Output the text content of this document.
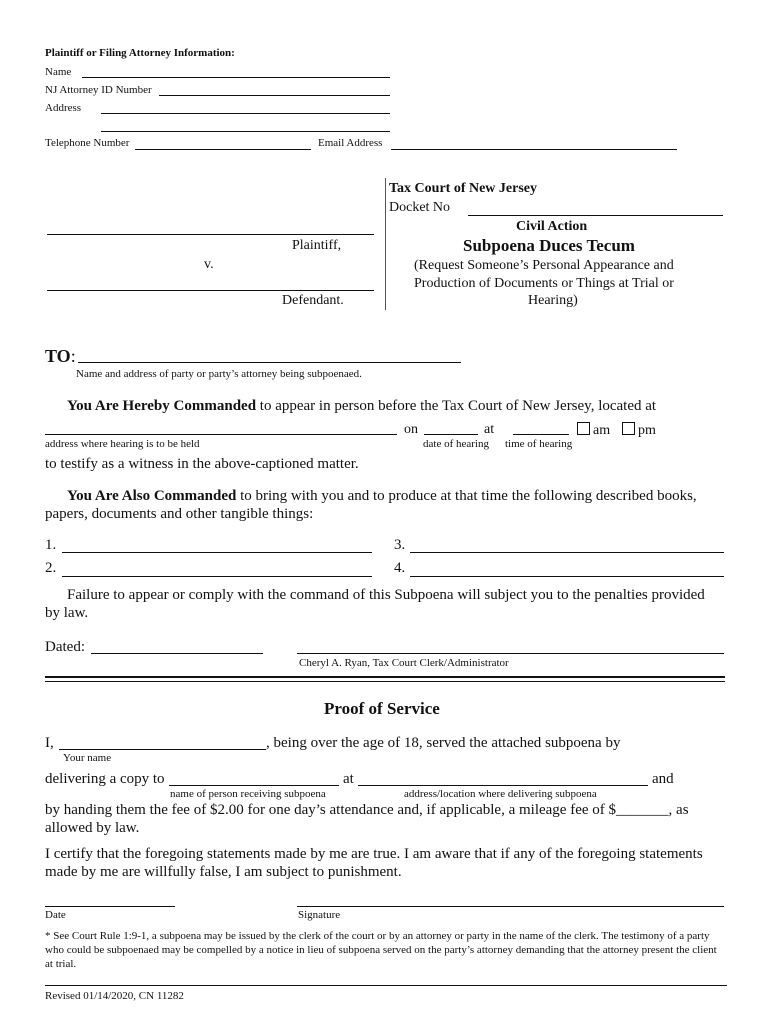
Plaintiff or Filing Attorney Information:
Name
NJ Attorney ID Number
Address
Telephone Number	Email Address
Plaintiff,
v.
Defendant.
Tax Court of New Jersey
Docket No
Civil Action
Subpoena Duces Tecum
(Request Someone’s Personal Appearance and
Production of Documents or Things at Trial or
Hearing)
TO:
Name and address of party or party’s attorney being subpoenaed.
You Are Hereby Commanded to appear in person before the Tax Court of New Jersey, located at
on	at	am	pm
address where hearing is to be held	date of hearing time of hearing
to testify as a witness in the above-captioned matter.
You Are Also Commanded to bring with you and to produce at that time the following described books,
papers, documents and other tangible things:
1.	3.
2.	4.
Failure to appear or comply with the command of this Subpoena will subject you to the penalties provided
by law.
Dated:
Cheryl A. Ryan, Tax Court Clerk/Administrator
Proof of Service
I,	, being over the age of 18, served the attached subpoena by
Your name
delivering a copy to	at	and
name of person receiving subpoena	address/location where delivering subpoena
by handing them the fee of $2.00 for one day’s attendance and, if applicable, a mileage fee of $_______, as
allowed by law.
I certify that the foregoing statements made by me are true. I am aware that if any of the foregoing statements
made by me are willfully false, I am subject to punishment.
Date	Signature
* See Court Rule 1:9-1, a subpoena may be issued by the clerk of the court or by an attorney or party in the name of the clerk. The testimony of a party who could be subpoenaed may be compelled by a notice in lieu of subpoena served on the party’s attorney demanding that the attorney present the client at trial.
Revised 01/14/2020, CN 11282
